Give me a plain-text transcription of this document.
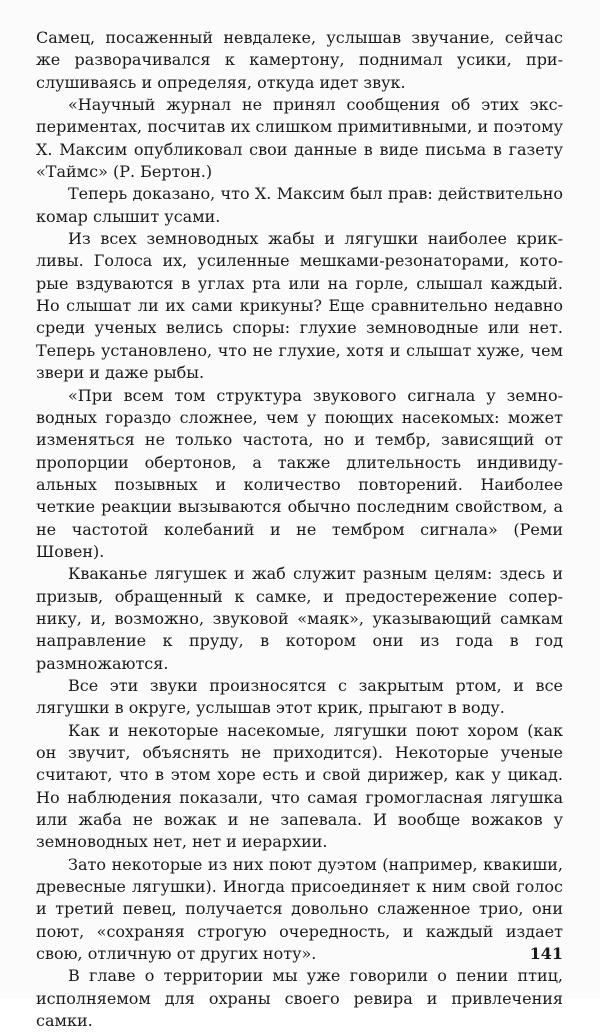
Самец, посаженный невдалеке, услышав звучание, сейчас же разворачивался к камертону, поднимал усики, прислушиваясь и определяя, откуда идет звук.

«Научный журнал не принял сообщения об этих экспериментах, посчитав их слишком примитивными, и поэтому X. Максим опубликовал свои данные в виде письма в газету «Таймс» (Р. Бертон.)

Теперь доказано, что X. Максим был прав: действительно комар слышит усами.

Из всех земноводных жабы и лягушки наиболее крикливы. Голоса их, усиленные мешками-резонаторами, которые вздуваются в углах рта или на горле, слышал каждый. Но слышат ли их сами крикуны? Еще сравнительно недавно среди ученых велись споры: глухие земноводные или нет. Теперь установлено, что не глухие, хотя и слышат хуже, чем звери и даже рыбы.

«При всем том структура звукового сигнала у земноводных гораздо сложнее, чем у поющих насекомых: может изменяться не только частота, но и тембр, зависящий от пропорции обертонов, а также длительность индивидуальных позывных и количество повторений. Наиболее четкие реакции вызываются обычно последним свойством, а не частотой колебаний и не тембром сигнала» (Реми Шовен).

Кваканье лягушек и жаб служит разным целям: здесь и призыв, обращенный к самке, и предостережение сопернику, и, возможно, звуковой «маяк», указывающий самкам направление к пруду, в котором они из года в год размножаются.

Все эти звуки произносятся с закрытым ртом, и все лягушки в округе, услышав этот крик, прыгают в воду.

Как и некоторые насекомые, лягушки поют хором (как он звучит, объяснять не приходится). Некоторые ученые считают, что в этом хоре есть и свой дирижер, как у цикад. Но наблюдения показали, что самая громогласная лягушка или жаба не вожак и не запевала. И вообще вожаков у земноводных нет, нет и иерархии.

Зато некоторые из них поют дуэтом (например, квакиши, древесные лягушки). Иногда присоединяет к ним свой голос и третий певец, получается довольно слаженное трио, они поют, «сохраняя строгую очередность, и каждый издает свою, отличную от других ноту».

В главе о территории мы уже говорили о пении птиц, исполняемом для охраны своего ревира и привлечения самки.

141
